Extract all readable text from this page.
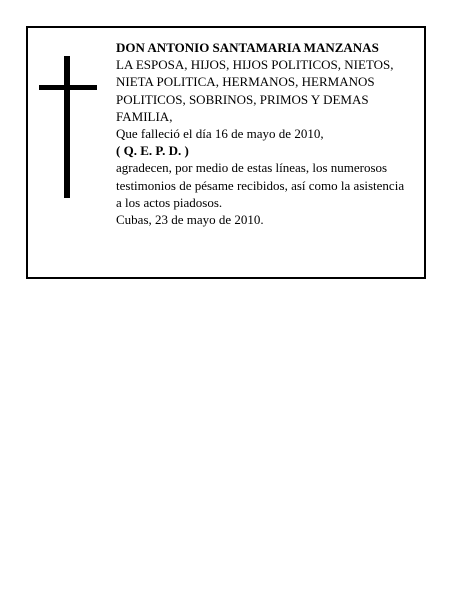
DON ANTONIO SANTAMARIA MANZANAS

LA ESPOSA, HIJOS, HIJOS POLITICOS, NIETOS,

NIETA POLITICA, HERMANOS, HERMANOS

POLITICOS, SOBRINOS, PRIMOS Y DEMAS

FAMILIA,

Que falleció el día 16 de mayo de 2010,

( Q. E. P. D. )

agradecen, por medio de estas líneas, los numerosos

testimonios de pésame recibidos, así como la asistencia

a los actos piadosos.

Cubas, 23 de mayo de 2010.
